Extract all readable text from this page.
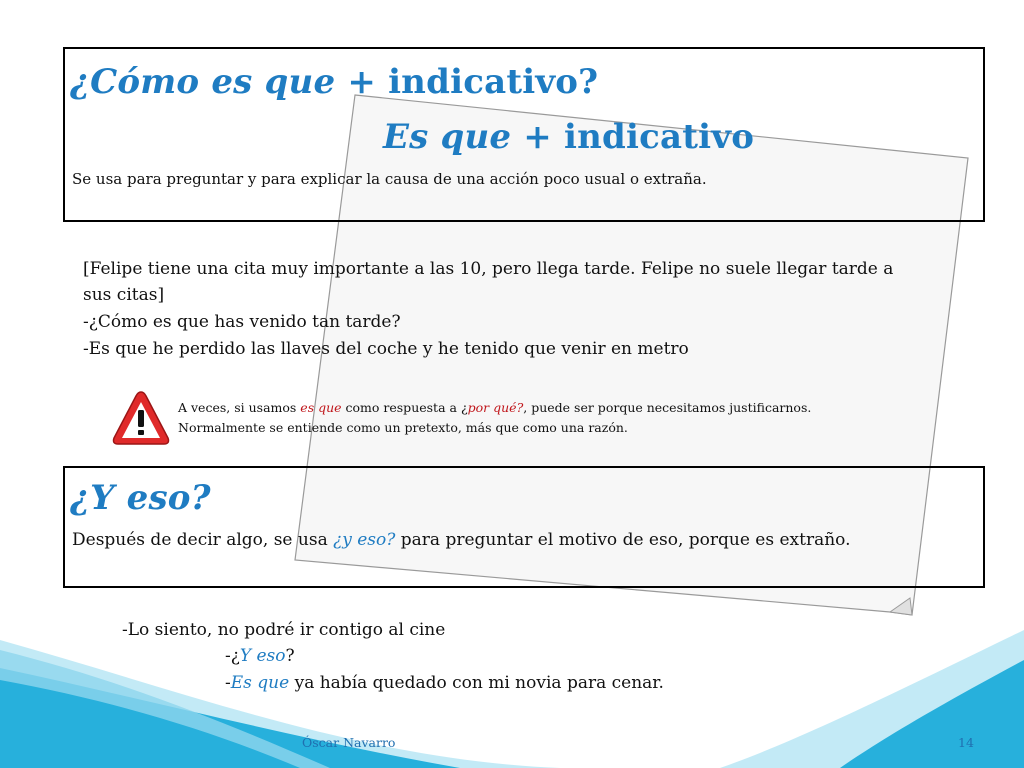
¿Cómo es que + indicativo?
Es que + indicativo
Se usa para preguntar y para explicar la causa de una acción poco usual o extraña.
[Felipe tiene una cita muy importante a las 10, pero llega tarde. Felipe no suele llegar tarde a
sus citas]
-¿Cómo es que has venido tan tarde?
-Es que he perdido las llaves del coche y he tenido que venir en metro
A veces, si usamos es que como respuesta a ¿por qué?, puede ser porque necesitamos justificarnos.
Normalmente se entiende como un pretexto, más que como una razón.
¿Y eso?
Después de decir algo, se usa ¿y eso? para preguntar el motivo de eso, porque es extraño.
-Lo siento, no podré ir contigo al cine
-¿Y eso?
-Es que ya había quedado con mi novia para cenar.
Óscar Navarro	14
